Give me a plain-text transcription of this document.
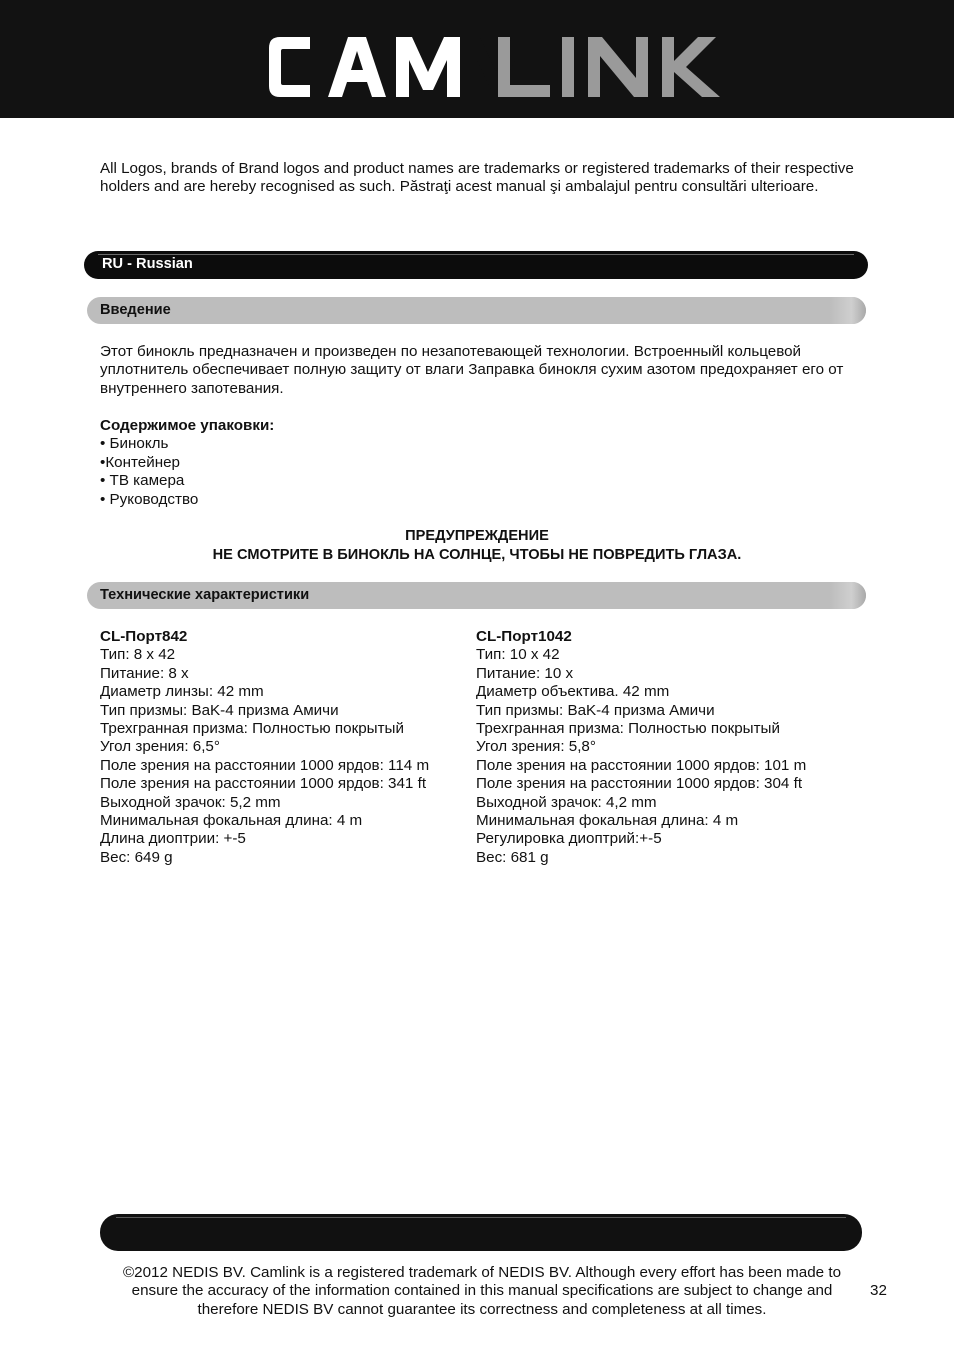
All Logos, brands of Brand logos and product names are trademarks or registered trademarks of their respective holders and are hereby recognised as such. Păstraţi acest manual şi ambalajul pentru consultări ulterioare.
RU - Russian
Введение
Этот бинокль предназначен и произведен по незапотевающей технологии. Встроенныйl кольцевой уплотнитель обеспечивает полную защиту от влаги Заправка бинокля сухим азотом предохраняет его от внутреннего запотевания.
Содержимое упаковки:
• Бинокль
•Контейнер
• ТВ камера
• Руководство
ПРЕДУПРЕЖДЕНИЕ
НЕ СМОТРИТЕ В БИНОКЛЬ НА СОЛНЦЕ, ЧТОБЫ НЕ ПОВРЕДИТЬ ГЛАЗА.
Технические характеристики
CL-Порт842
Тип: 8 x 42
Питание: 8 x
Диаметр линзы: 42 mm
Тип призмы: BaK-4 призма Амичи
Трехгранная призма: Полностью покрытый
Угол зрения: 6,5°
Поле зрения на расстоянии 1000 ярдов: 114 m
Поле зрения на расстоянии 1000 ярдов: 341 ft
Выходной зрачок: 5,2 mm
Минимальная фокальная длина: 4 m
Длина диоптрии: +-5
Вес: 649 g
CL-Порт1042
Тип: 10 x 42
Питание: 10 x
Диаметр объектива. 42 mm
Тип призмы: BaK-4 призма Амичи
Трехгранная призма: Полностью покрытый
Угол зрения: 5,8°
Поле зрения на расстоянии 1000 ярдов: 101 m
Поле зрения на расстоянии 1000 ярдов: 304 ft
Выходной зрачок: 4,2 mm
Минимальная фокальная длина: 4 m
Регулировка диоптрий:+-5
Вес: 681 g
©2012 NEDIS BV. Camlink is a registered trademark of NEDIS BV. Although every effort has been made to ensure the accuracy of the information contained in this manual specifications are subject to change and therefore NEDIS BV cannot guarantee its correctness and completeness at all times.
32
